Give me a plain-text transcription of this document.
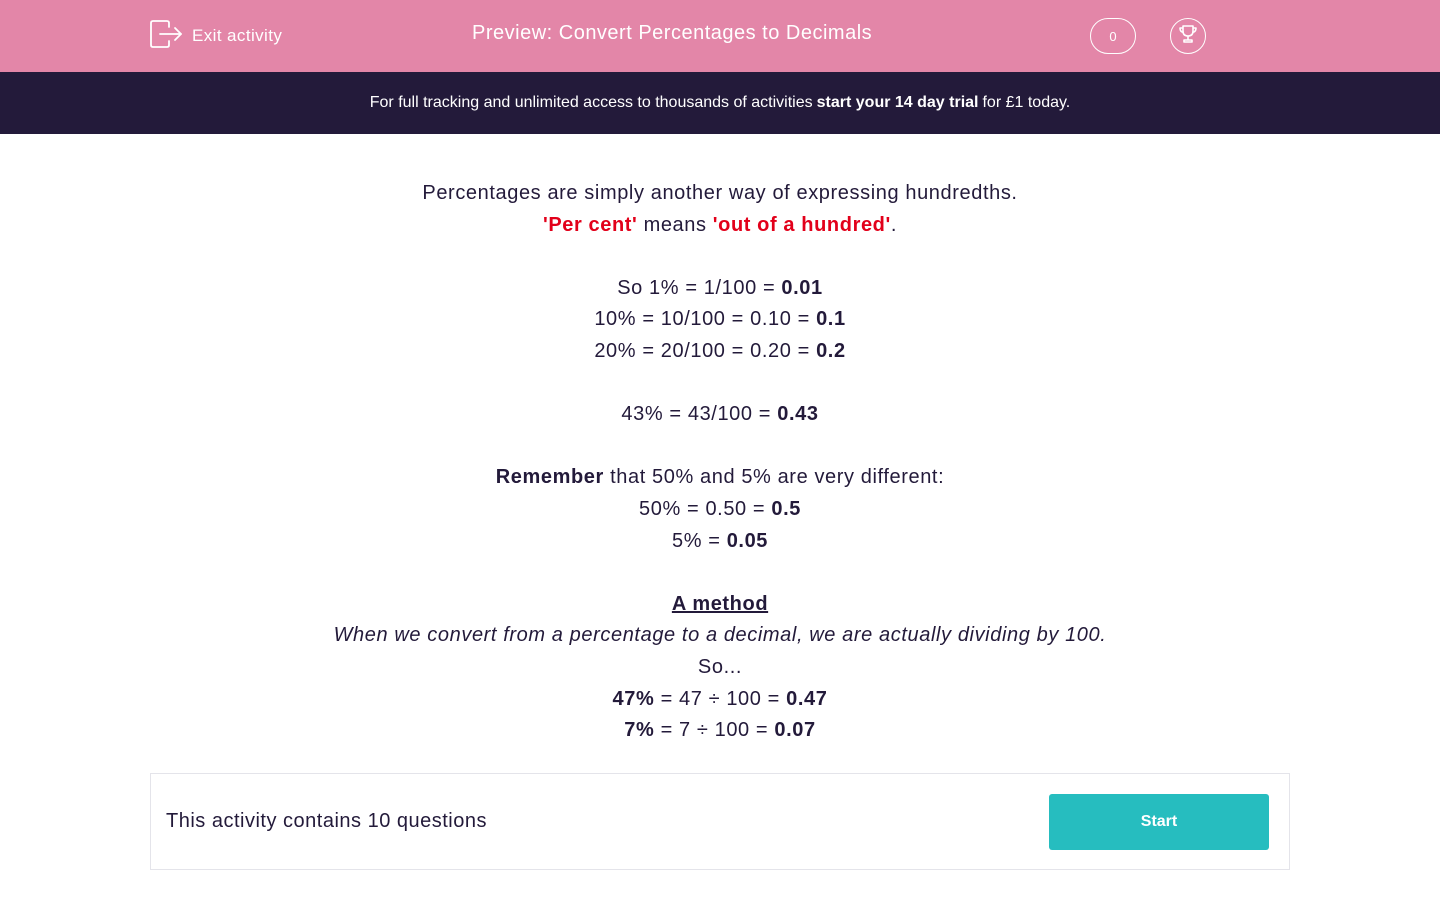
Exit activity	Preview: Convert Percentages to Decimals	0
For full tracking and unlimited access to thousands of activities start your 14 day trial for £1 today.
Percentages are simply another way of expressing hundredths.
'Per cent' means 'out of a hundred'.
So 1% = 1/100 = 0.01
10% = 10/100 = 0.10 = 0.1
20% = 20/100 = 0.20 = 0.2
43% = 43/100 = 0.43
Remember that 50% and 5% are very different:
50% = 0.50 = 0.5
5% = 0.05
A method
When we convert from a percentage to a decimal, we are actually dividing by 100.
So...
47% = 47 ÷ 100 = 0.47
7% = 7 ÷ 100 = 0.07
This activity contains 10 questions	Start
